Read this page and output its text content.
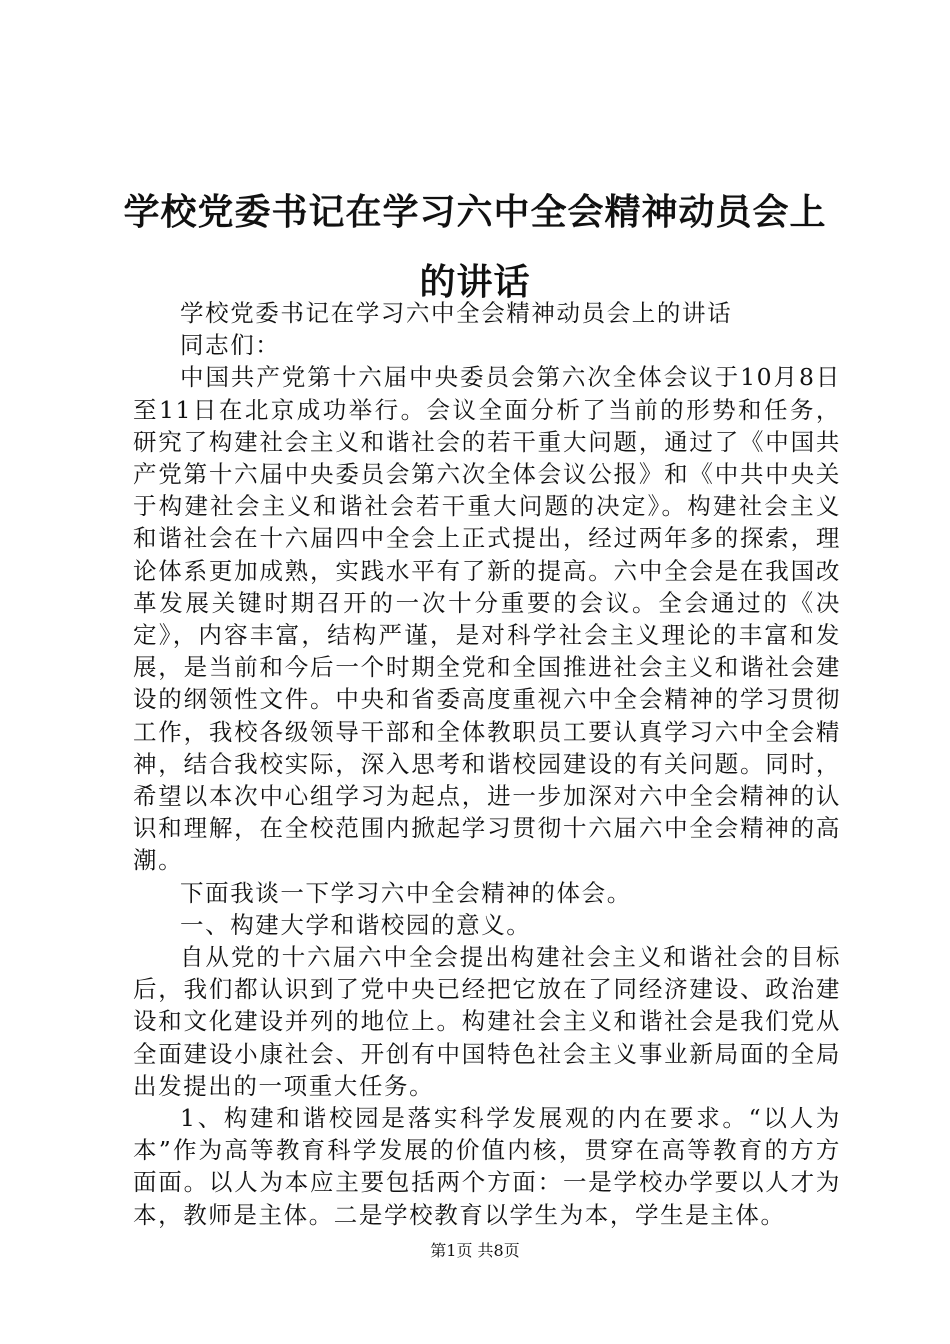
学校党委书记在学习六中全会精神动员会上的讲话

学校党委书记在学习六中全会精神动员会上的讲话

同志们：

中国共产党第十六届中央委员会第六次全体会议于10月8日至11日在北京成功举行。会议全面分析了当前的形势和任务，研究了构建社会主义和谐社会的若干重大问题，通过了《中国共产党第十六届中央委员会第六次全体会议公报》和《中共中央关于构建社会主义和谐社会若干重大问题的决定》。构建社会主义和谐社会在十六届四中全会上正式提出，经过两年多的探索，理论体系更加成熟，实践水平有了新的提高。六中全会是在我国改革发展关键时期召开的一次十分重要的会议。全会通过的《决定》，内容丰富，结构严谨，是对科学社会主义理论的丰富和发展，是当前和今后一个时期全党和全国推进社会主义和谐社会建设的纲领性文件。中央和省委高度重视六中全会精神的学习贯彻工作，我校各级领导干部和全体教职员工要认真学习六中全会精神，结合我校实际，深入思考和谐校园建设的有关问题。同时，希望以本次中心组学习为起点，进一步加深对六中全会精神的认识和理解，在全校范围内掀起学习贯彻十六届六中全会精神的高潮。

下面我谈一下学习六中全会精神的体会。

一、构建大学和谐校园的意义。

自从党的十六届六中全会提出构建社会主义和谐社会的目标后，我们都认识到了党中央已经把它放在了同经济建设、政治建设和文化建设并列的地位上。构建社会主义和谐社会是我们党从全面建设小康社会、开创有中国特色社会主义事业新局面的全局出发提出的一项重大任务。

1、构建和谐校园是落实科学发展观的内在要求。“以人为本”作为高等教育科学发展的价值内核，贯穿在高等教育的方方面面。以人为本应主要包括两个方面：一是学校办学要以人才为本，教师是主体。二是学校教育以学生为本，学生是主体。

第1页 共8页
